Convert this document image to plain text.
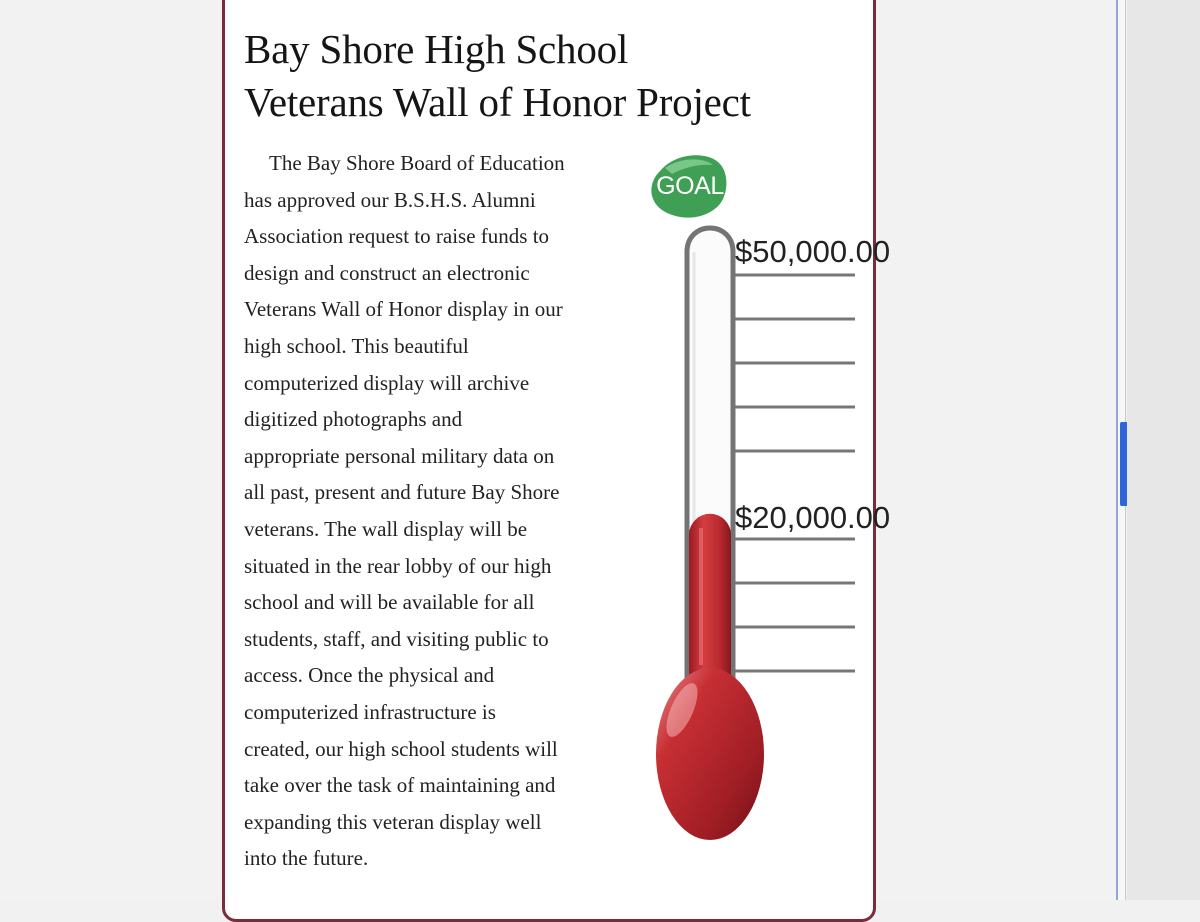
Bay Shore High School
Veterans Wall of Honor Project
The Bay Shore Board of Education
has approved our B.S.H.S. Alumni
Association request to raise funds to
design and construct an electronic
Veterans Wall of Honor display in our
high school. This beautiful
computerized display will archive
digitized photographs and
appropriate personal military data on
all past, present and future Bay Shore
veterans. The wall display will be
situated in the rear lobby of our high
school and will be available for all
students, staff, and visiting public to
access. Once the physical and
computerized infrastructure is
created, our high school students will
take over the task of maintaining and
expanding this veteran display well
into the future.
GOAL
$50,000.00
$20,000.00
